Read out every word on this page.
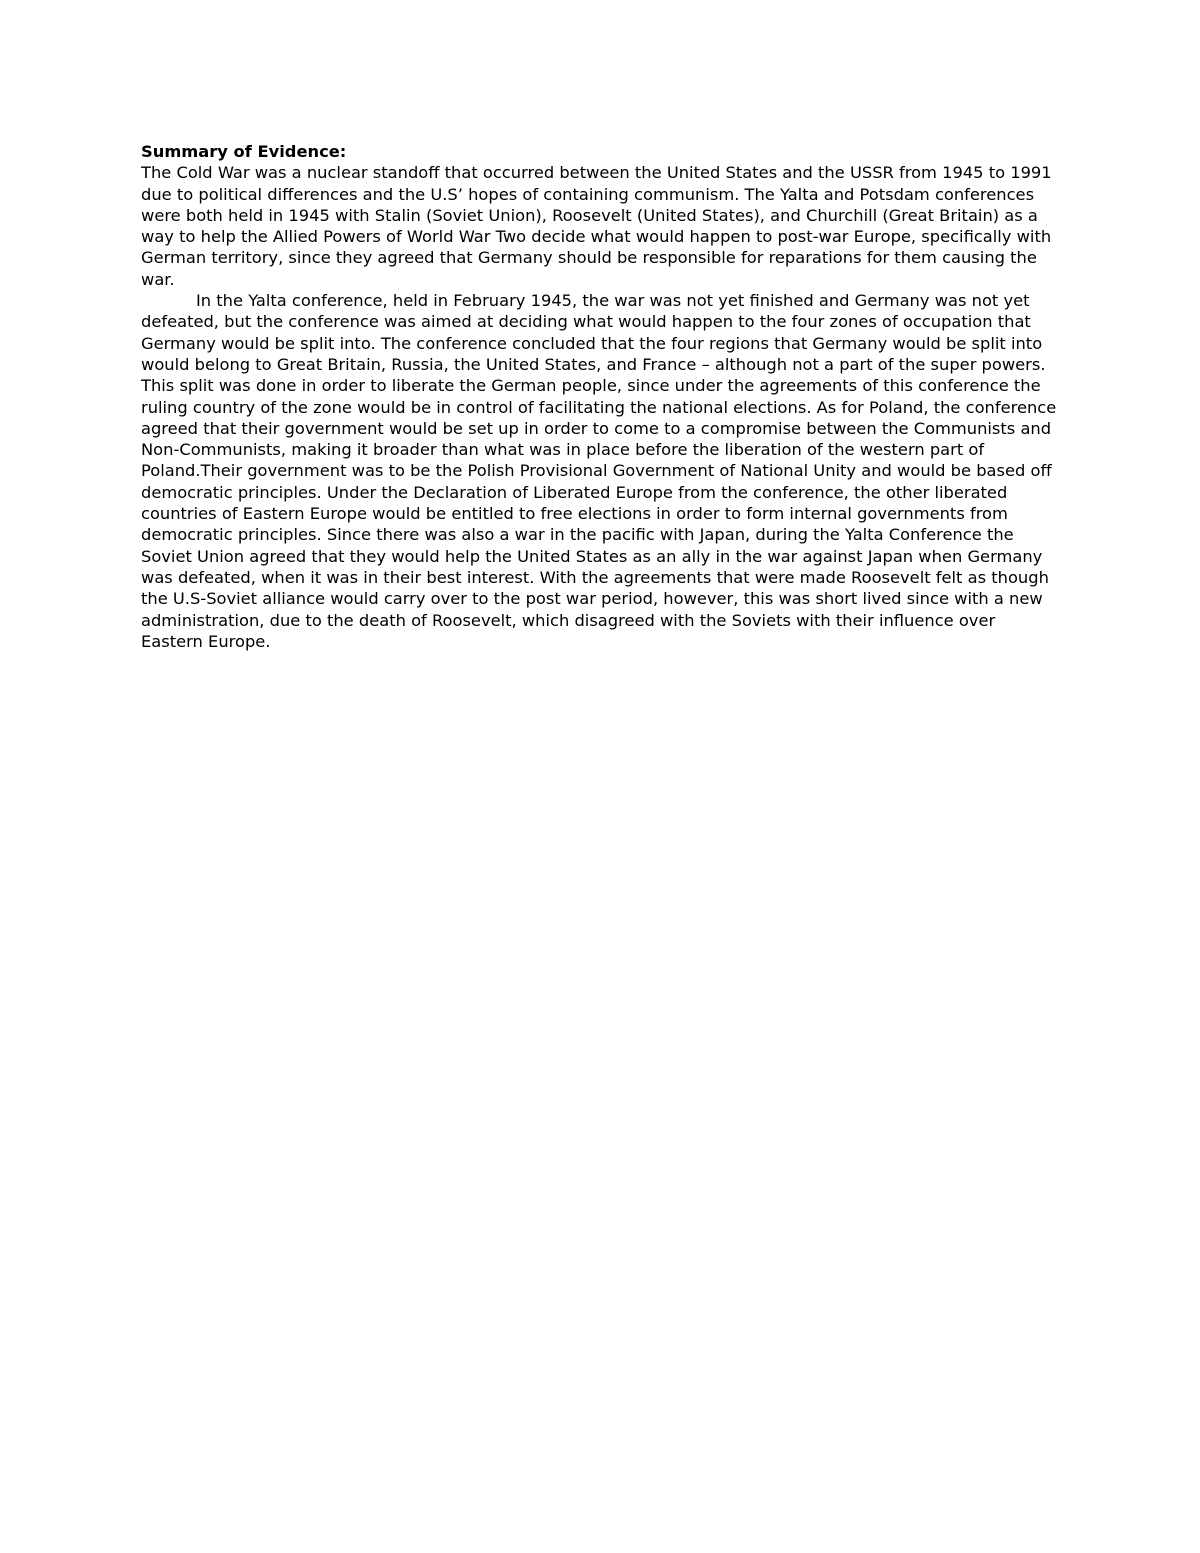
Summary of Evidence:

The Cold War was a nuclear standoff that occurred between the United States and the USSR from 1945 to 1991 due to political differences and the U.S’ hopes of containing communism. The Yalta and Potsdam conferences were both held in 1945 with Stalin (Soviet Union), Roosevelt (United States), and Churchill (Great Britain) as a way to help the Allied Powers of World War Two decide what would happen to post-war Europe, specifically with German territory, since they agreed that Germany should be responsible for reparations for them causing the war.

In the Yalta conference, held in February 1945, the war was not yet finished and Germany was not yet defeated, but the conference was aimed at deciding what would happen to the four zones of occupation that Germany would be split into. The conference concluded that the four regions that Germany would be split into would belong to Great Britain, Russia, the United States, and France – although not a part of the super powers. This split was done in order to liberate the German people, since under the agreements of this conference the ruling country of the zone would be in control of facilitating the national elections. As for Poland, the conference agreed that their government would be set up in order to come to a compromise between the Communists and Non-Communists, making it broader than what was in place before the liberation of the western part of Poland.Their government was to be the Polish Provisional Government of National Unity and would be based off democratic principles. Under the Declaration of Liberated Europe from the conference, the other liberated countries of Eastern Europe would be entitled to free elections in order to form internal governments from democratic principles. Since there was also a war in the pacific with Japan, during the Yalta Conference the Soviet Union agreed that they would help the United States as an ally in the war against Japan when Germany was defeated, when it was in their best interest. With the agreements that were made Roosevelt felt as though the U.S-Soviet alliance would carry over to the post war period, however, this was short lived since with a new administration, due to the death of Roosevelt, which disagreed with the Soviets with their influence over Eastern Europe.
